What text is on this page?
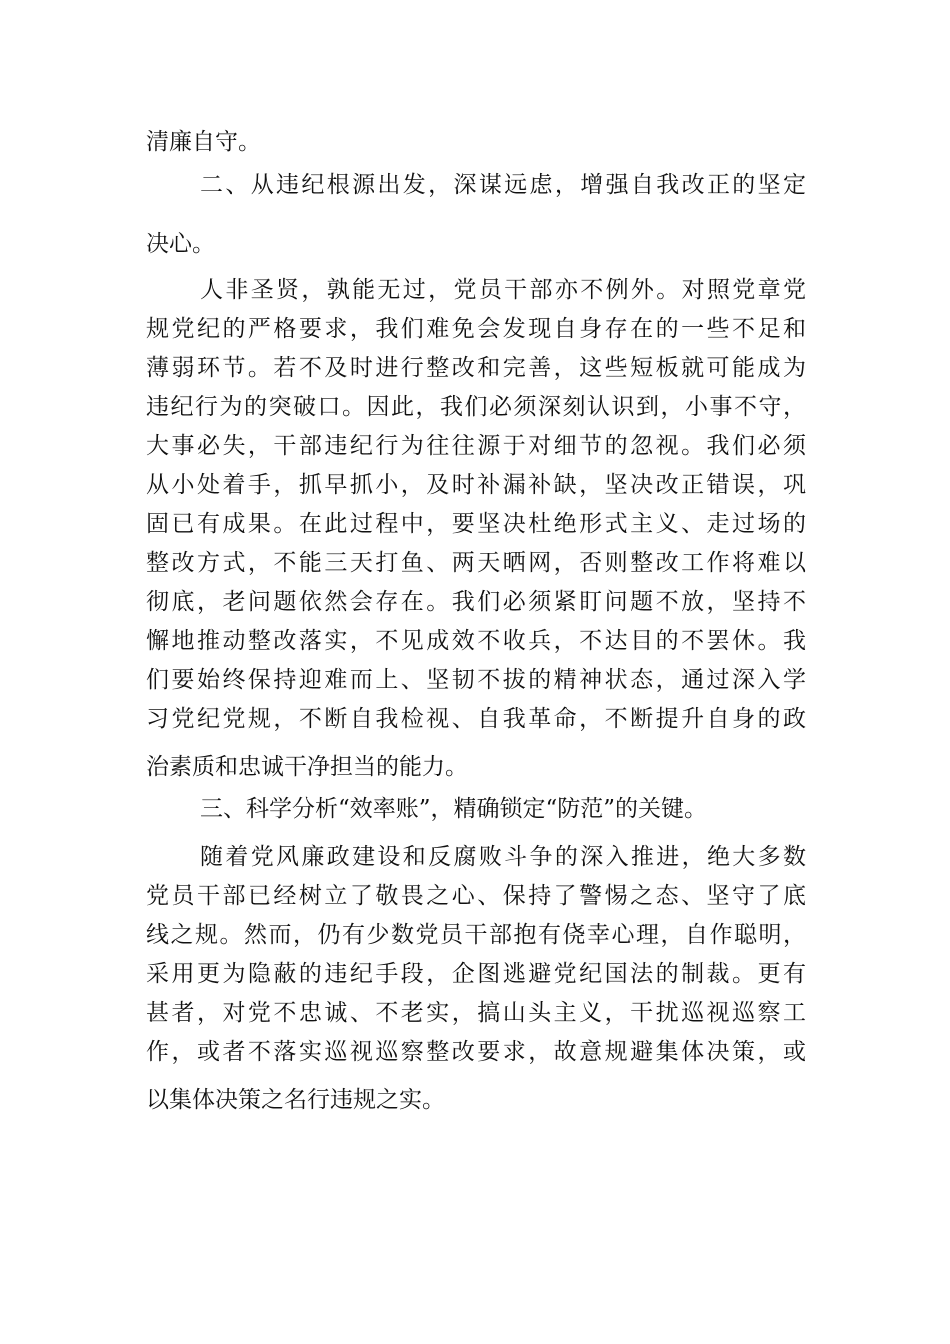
清廉自守。
二、从违纪根源出发，深谋远虑，增强自我改正的坚定
决心。
人非圣贤，孰能无过，党员干部亦不例外。对照党章党
规党纪的严格要求，我们难免会发现自身存在的一些不足和
薄弱环节。若不及时进行整改和完善，这些短板就可能成为
违纪行为的突破口。因此，我们必须深刻认识到，小事不守，
大事必失，干部违纪行为往往源于对细节的忽视。我们必须
从小处着手，抓早抓小，及时补漏补缺，坚决改正错误，巩
固已有成果。在此过程中，要坚决杜绝形式主义、走过场的
整改方式，不能三天打鱼、两天晒网，否则整改工作将难以
彻底，老问题依然会存在。我们必须紧盯问题不放，坚持不
懈地推动整改落实，不见成效不收兵，不达目的不罢休。我
们要始终保持迎难而上、坚韧不拔的精神状态，通过深入学
习党纪党规，不断自我检视、自我革命，不断提升自身的政
治素质和忠诚干净担当的能力。
三、科学分析“效率账”，精确锁定“防范”的关键。
随着党风廉政建设和反腐败斗争的深入推进，绝大多数
党员干部已经树立了敬畏之心、保持了警惕之态、坚守了底
线之规。然而，仍有少数党员干部抱有侥幸心理，自作聪明，
采用更为隐蔽的违纪手段，企图逃避党纪国法的制裁。更有
甚者，对党不忠诚、不老实，搞山头主义，干扰巡视巡察工
作，或者不落实巡视巡察整改要求，故意规避集体决策，或
以集体决策之名行违规之实。
